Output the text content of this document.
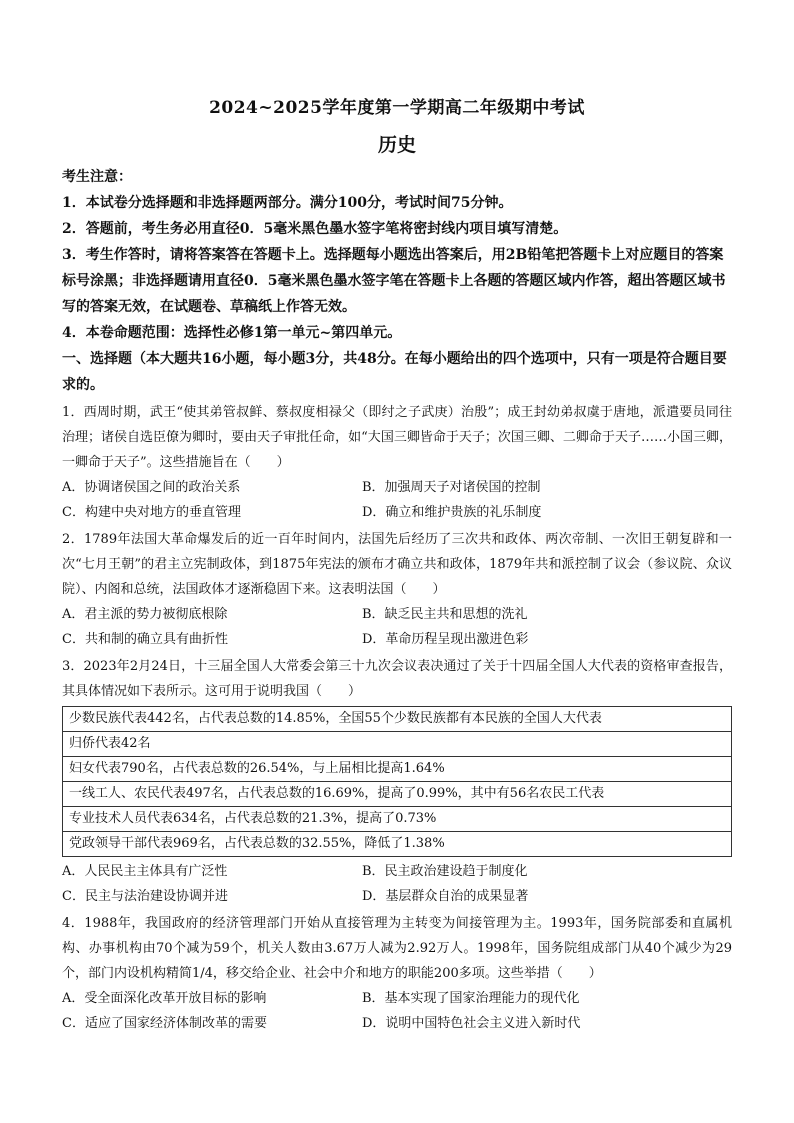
2024~2025学年度第一学期高二年级期中考试
历史
考生注意：
1．本试卷分选择题和非选择题两部分。满分100分，考试时间75分钟。
2．答题前，考生务必用直径0．5毫米黑色墨水签字笔将密封线内项目填写清楚。
3．考生作答时，请将答案答在答题卡上。选择题每小题选出答案后，用2B铅笔把答题卡上对应题目的答案标号涂黑；非选择题请用直径0．5毫米黑色墨水签字笔在答题卡上各题的答题区域内作答，超出答题区域书写的答案无效，在试题卷、草稿纸上作答无效。
4．本卷命题范围：选择性必修1第一单元~第四单元。
一、选择题（本大题共16小题，每小题3分，共48分。在每小题给出的四个选项中，只有一项是符合题目要求的。

1．西周时期，武王“使其弟管叔鲜、蔡叔度相禄父（即纣之子武庚）治殷”；成王封幼弟叔虞于唐地，派遣要员同往治理；诸侯自选臣僚为卿时，要由天子审批任命，如“大国三卿皆命于天子；次国三卿、二卿命于天子……小国三卿，一卿命于天子”。这些措施旨在（　　）

A．协调诸侯国之间的政治关系	B．加强周天子对诸侯国的控制
C．构建中央对地方的垂直管理	D．确立和维护贵族的礼乐制度

2．1789年法国大革命爆发后的近一百年时间内，法国先后经历了三次共和政体、两次帝制、一次旧王朝复辟和一次“七月王朝”的君主立宪制政体，到1875年宪法的颁布才确立共和政体，1879年共和派控制了议会（参议院、众议院）、内阁和总统，法国政体才逐渐稳固下来。这表明法国（　　）

A．君主派的势力被彻底根除	B．缺乏民主共和思想的洗礼
C．共和制的确立具有曲折性	D．革命历程呈现出激进色彩

3．2023年2月24日，十三届全国人大常委会第三十九次会议表决通过了关于十四届全国人大代表的资格审查报告，其具体情况如下表所示。这可用于说明我国（　　）

少数民族代表442名，占代表总数的14.85%，全国55个少数民族都有本民族的全国人大代表
归侨代表42名
妇女代表790名，占代表总数的26.54%，与上届相比提高1.64%
一线工人、农民代表497名，占代表总数的16.69%，提高了0.99%，其中有56名农民工代表
专业技术人员代表634名，占代表总数的21.3%，提高了0.73%
党政领导干部代表969名，占代表总数的32.55%，降低了1.38%
A．人民民主主体具有广泛性	B．民主政治建设趋于制度化
C．民主与法治建设协调并进	D．基层群众自治的成果显著

4．1988年，我国政府的经济管理部门开始从直接管理为主转变为间接管理为主。1993年，国务院部委和直属机构、办事机构由70个减为59个，机关人数由3.67万人减为2.92万人。1998年，国务院组成部门从40个减少为29个，部门内设机构精简1/4，移交给企业、社会中介和地方的职能200多项。这些举措（　　）

A．受全面深化改革开放目标的影响	B．基本实现了国家治理能力的现代化
C．适应了国家经济体制改革的需要	D．说明中国特色社会主义进入新时代
